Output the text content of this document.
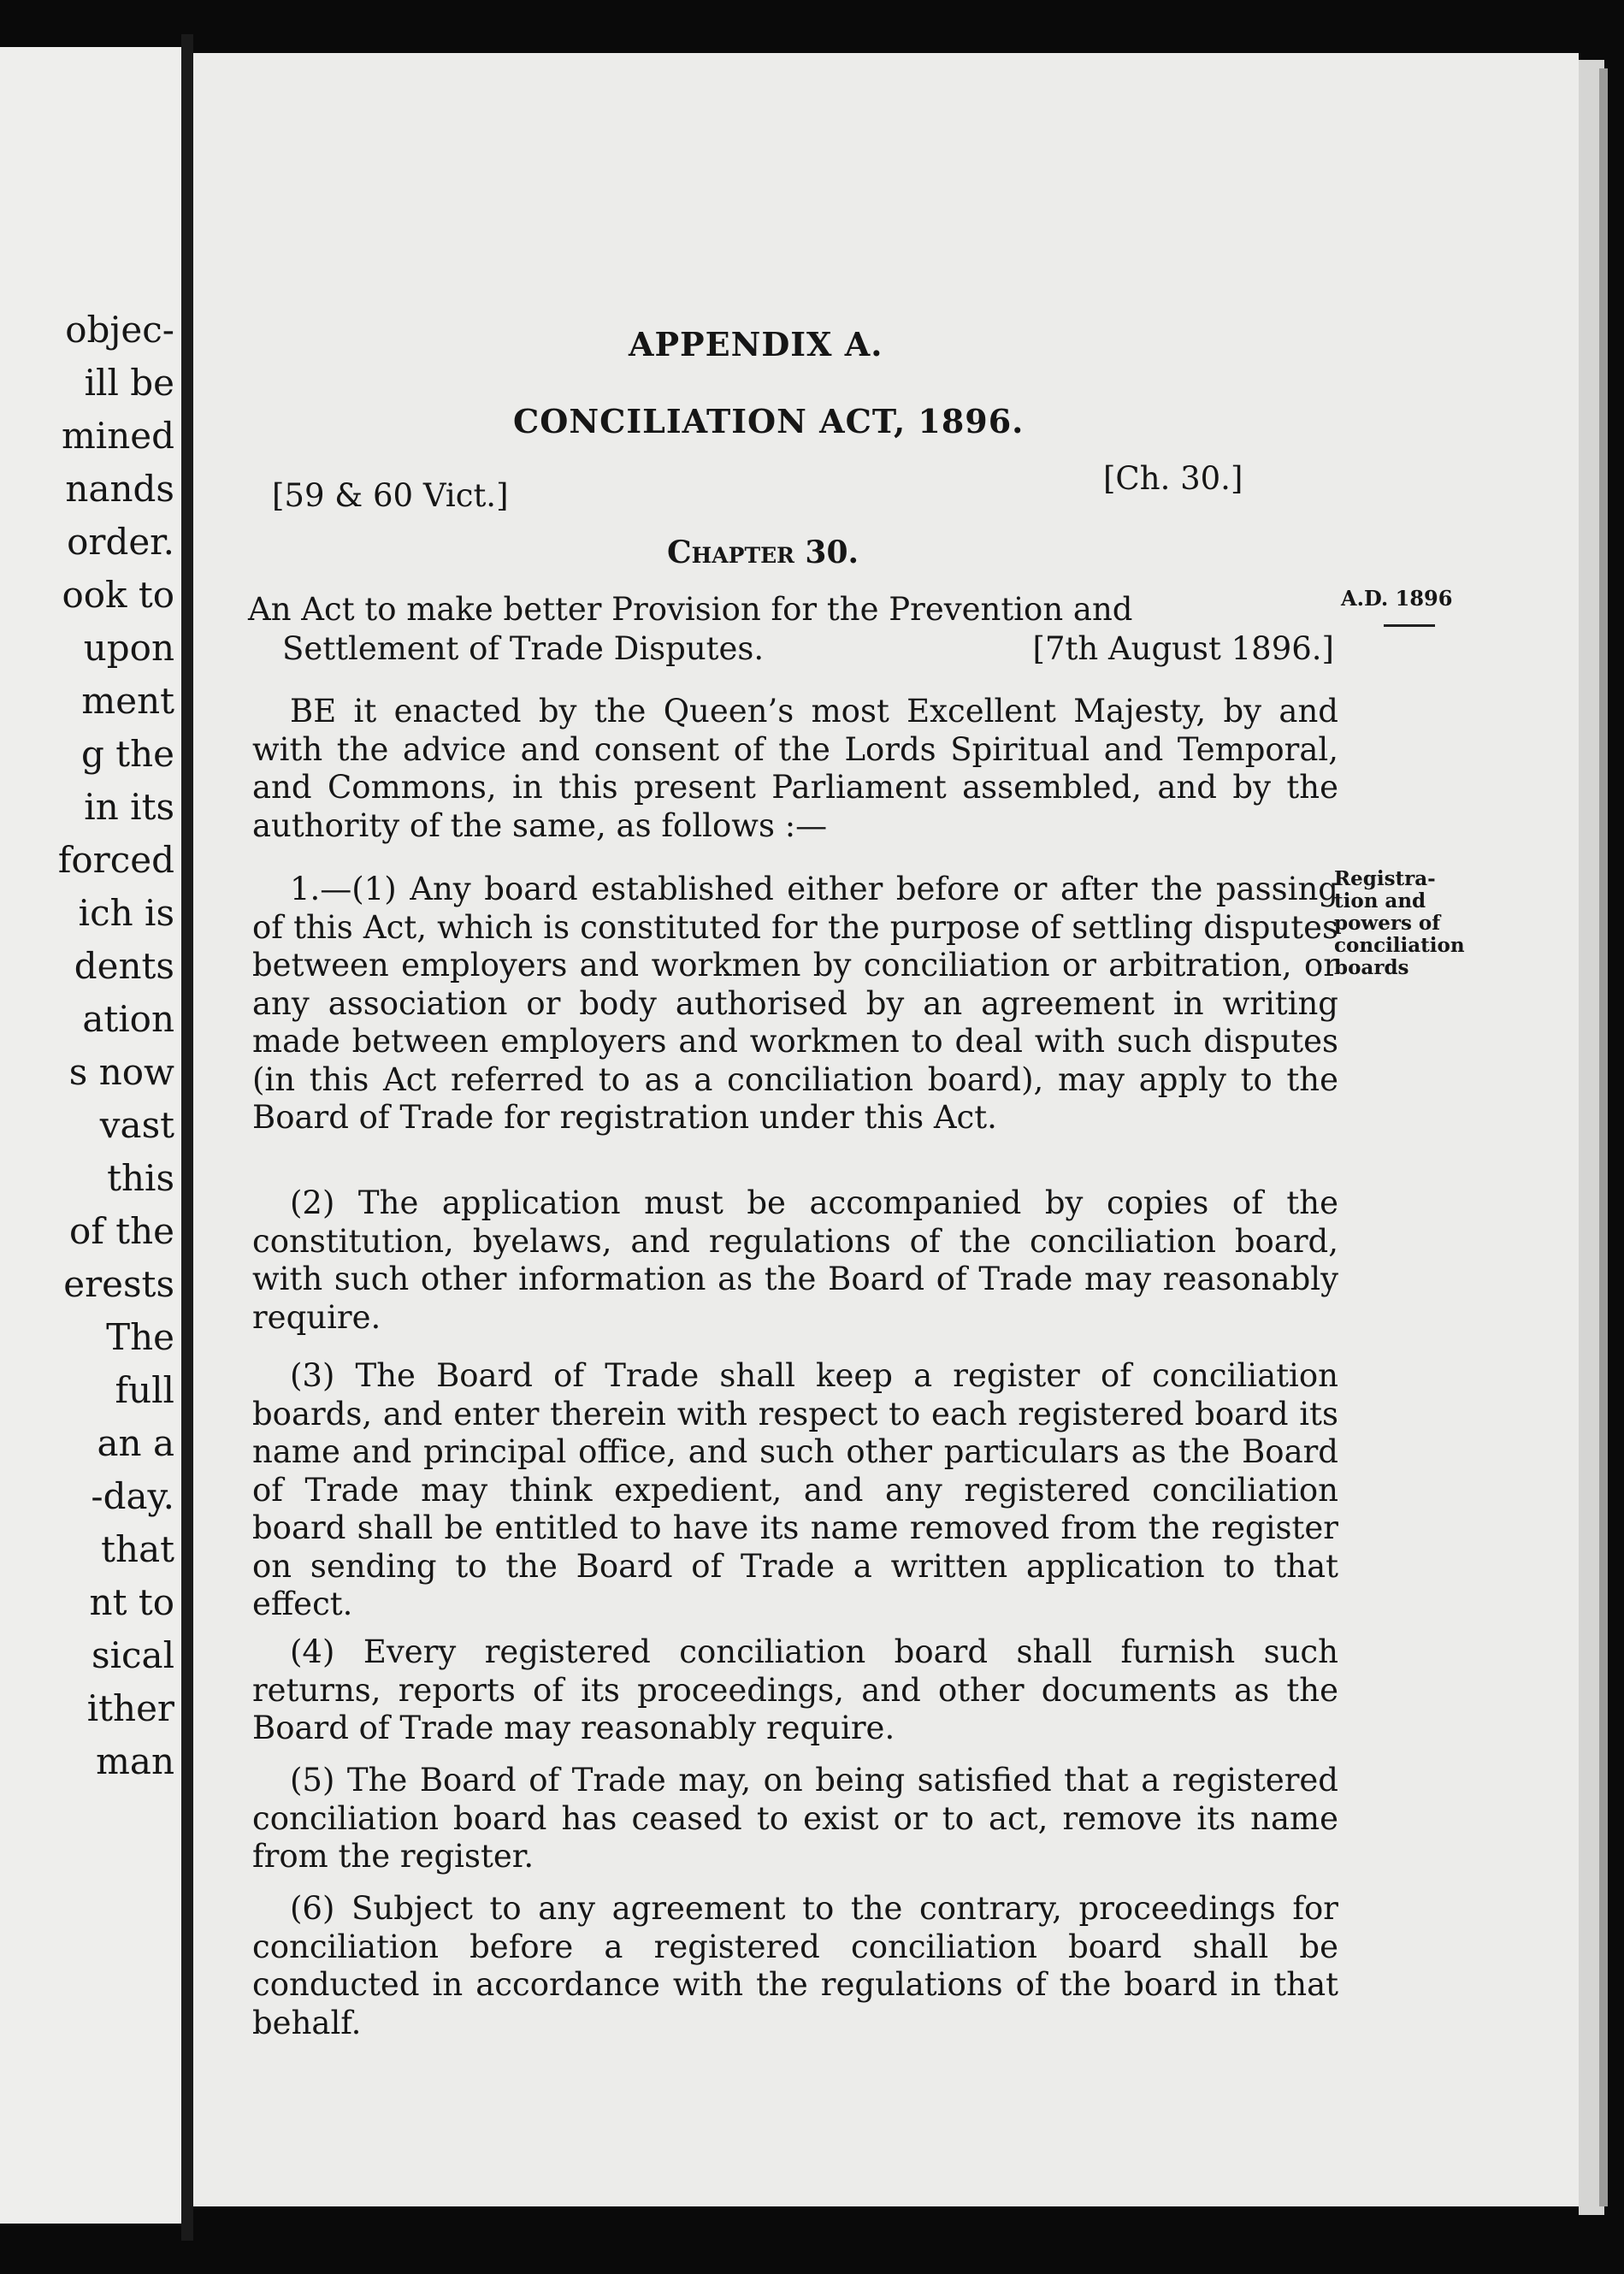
objec-
ill be
mined
nands
order.
ook to
upon
ment
g the
in its
forced
ich is
dents
ation
s now
vast
this
of the
erests
The
full
an a
-day.
that
nt to
sical
ither
man
APPENDIX A.
CONCILIATION ACT, 1896.
[59 & 60 Vict.]	[Ch. 30.]
Chapter 30.
An Act to make better Provision for the Prevention and
Settlement of Trade Disputes.	[7th August 1896.]
A.D. 1896
Registra-
tion and
powers of
conciliation
boards

BE it enacted by the Queen’s most Excellent Majesty, by and with the advice and consent of the Lords Spiritual and Temporal, and Commons, in this present Parliament assembled, and by the authority of the same, as follows :—

1.—(1) Any board established either before or after the passing of this Act, which is constituted for the purpose of settling disputes between employers and workmen by conciliation or arbitration, or any association or body authorised by an agreement in writing made between employers and workmen to deal with such disputes (in this Act referred to as a conciliation board), may apply to the Board of Trade for registration under this Act.

(2) The application must be accompanied by copies of the constitution, byelaws, and regulations of the conciliation board, with such other information as the Board of Trade may reasonably require.

(3) The Board of Trade shall keep a register of conciliation boards, and enter therein with respect to each registered board its name and principal office, and such other particulars as the Board of Trade may think expedient, and any registered conciliation board shall be entitled to have its name removed from the register on sending to the Board of Trade a written application to that effect.

(4) Every registered conciliation board shall furnish such returns, reports of its proceedings, and other documents as the Board of Trade may reasonably require.

(5) The Board of Trade may, on being satisfied that a registered conciliation board has ceased to exist or to act, remove its name from the register.

(6) Subject to any agreement to the contrary, proceedings for conciliation before a registered conciliation board shall be conducted in accordance with the regulations of the board in that behalf.
